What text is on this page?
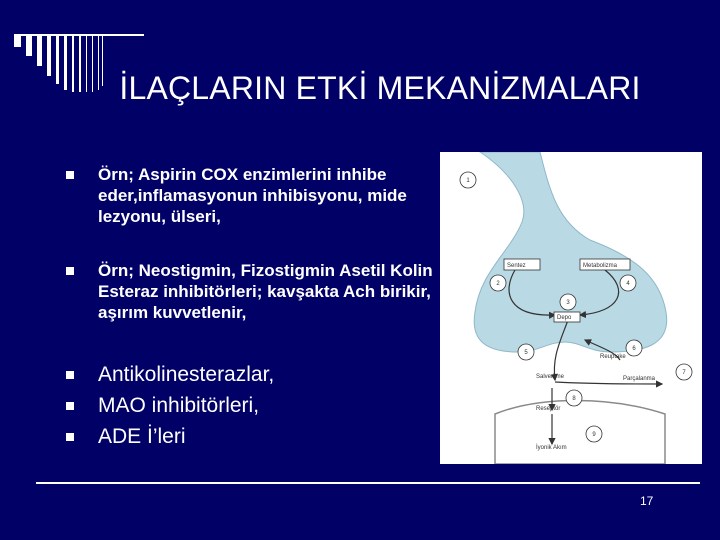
İLAÇLARIN ETKİ MEKANİZMALARI
Örn; Aspirin COX enzimlerini inhibe eder,inflamasyonun inhibisyonu, mide lezyonu, ülseri,
Örn; Neostigmin, Fizostigmin Asetil Kolin Esteraz inhibitörleri; kavşakta Ach birikir, aşırım kuvvetlenir,
Antikolinesterazlar,
MAO inhibitörleri,
ADE İ’leri
Sentez	Metabolizma
Depo
Reuptake
Salverilme	Parçalanma
Reseptör
İyonik Akım
1
2
3
4
5
6
7
8
9
17
